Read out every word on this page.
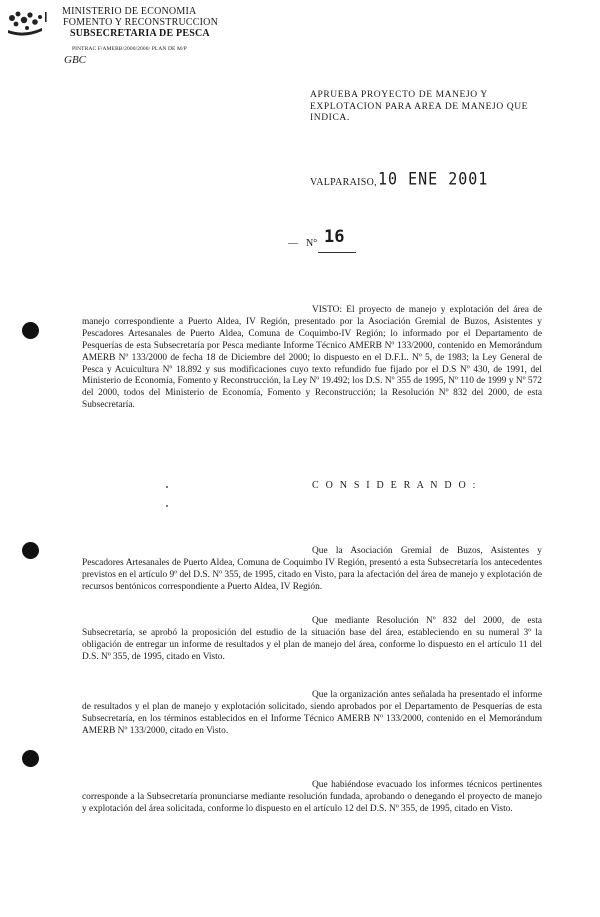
MINISTERIO DE ECONOMIA
FOMENTO Y RECONSTRUCCION
SUBSECRETARIA DE PESCA
PINTRAC F/AMERB/2000/2000/ PLAN DE M/P
GBC
APRUEBA PROYECTO DE MANEJO Y EXPLOTACION PARA AREA DE MANEJO QUE INDICA.
VALPARAISO, 10 ENE 2001
— N° 16
VISTO: El proyecto de manejo y explotación del área de manejo correspondiente a Puerto Aldea, IV Región, presentado por la Asociación Gremial de Buzos, Asistentes y Pescadores Artesanales de Puerto Aldea, Comuna de Coquimbo-IV Región; lo informado por el Departamento de Pesquerías de esta Subsecretaría por Pesca mediante Informe Técnico AMERB Nº 133/2000, contenido en Memorándum AMERB Nº 133/2000 de fecha 18 de Diciembre del 2000; lo dispuesto en el D.F.L. Nº 5, de 1983; la Ley General de Pesca y Acuicultura Nº 18.892 y sus modificaciones cuyo texto refundido fue fijado por el D.S Nº 430, de 1991, del Ministerio de Economía, Fomento y Reconstrucción, la Ley Nº 19.492; los D.S. Nº 355 de 1995, Nº 110 de 1999 y Nº 572 del 2000, todos del Ministerio de Economía, Fomento y Reconstrucción; la Resolución Nº 832 del 2000, de esta Subsecretaría.
C O N S I D E R A N D O :
Que la Asociación Gremial de Buzos, Asistentes y Pescadores Artesanales de Puerto Aldea, Comuna de Coquimbo IV Región, presentó a esta Subsecretaría los antecedentes previstos en el artículo 9º del D.S. Nº 355, de 1995, citado en Visto, para la afectación del área de manejo y explotación de recursos bentónicos correspondiente a Puerto Aldea, IV Región.
Que mediante Resolución Nº 832 del 2000, de esta Subsecretaría, se aprobó la proposición del estudio de la situación base del área, estableciendo en su numeral 3º la obligación de entregar un informe de resultados y el plan de manejo del área, conforme lo dispuesto en el artículo 11 del D.S. Nº 355, de 1995, citado en Visto.
Que la organización antes señalada ha presentado el informe de resultados y el plan de manejo y explotación solicitado, siendo aprobados por el Departamento de Pesquerías de esta Subsecretaría, en los términos establecidos en el Informe Técnico AMERB Nº 133/2000, contenido en el Memorándum AMERB Nº 133/2000, citado en Visto.
Que habiéndose evacuado los informes técnicos pertinentes corresponde a la Subsecretaría pronunciarse mediante resolución fundada, aprobando o denegando el proyecto de manejo y explotación del área solicitada, conforme lo dispuesto en el artículo 12 del D.S. Nº 355, de 1995, citado en Visto.
